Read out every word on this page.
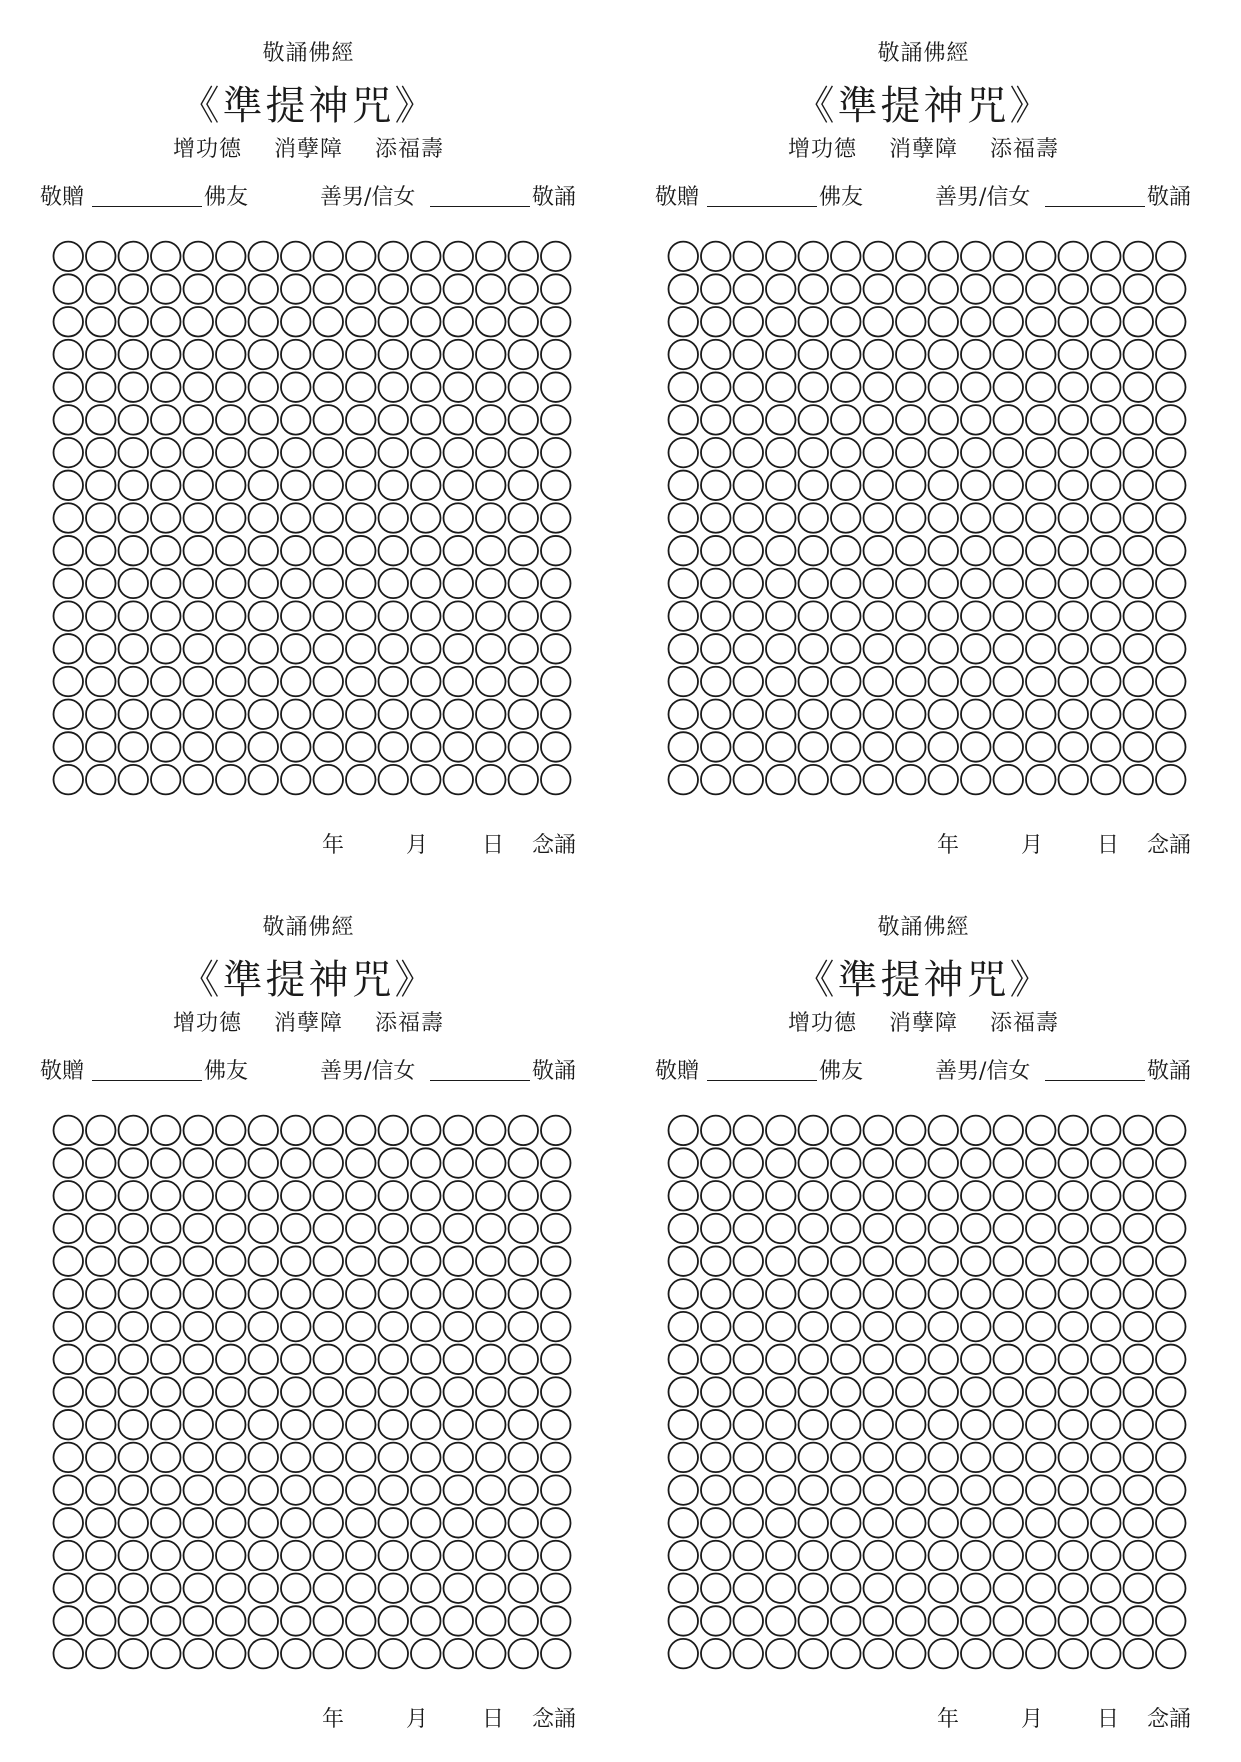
敬誦佛經
《準提神咒》
增功德 消孽障 添福壽
敬贈	佛友	善男/信女	敬誦
年	月 日 念誦
敬誦佛經
《準提神咒》
增功德 消孽障 添福壽
敬贈	佛友	善男/信女	敬誦
年	月 日 念誦
敬誦佛經
《準提神咒》
增功德 消孽障 添福壽
敬贈	佛友	善男/信女	敬誦
年	月 日 念誦
敬誦佛經
《準提神咒》
增功德 消孽障 添福壽
敬贈	佛友	善男/信女	敬誦
年	月 日 念誦
